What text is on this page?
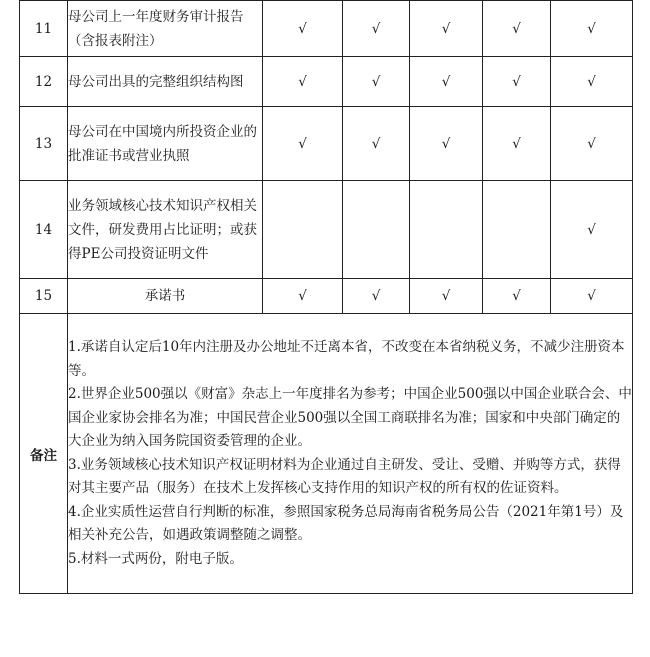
11	母公司上一年度财务审计报告（含报表附注）	√	√	√	√	√
12	母公司出具的完整组织结构图	√	√	√	√	√
13	母公司在中国境内所投资企业的批准证书或营业执照	√	√	√	√	√
14	业务领域核心技术知识产权相关文件，研发费用占比证明；或获得PE公司投资证明文件					√
15	承诺书	√	√	√	√	√
备注	1.承诺自认定后10年内注册及办公地址不迁离本省，不改变在本省纳税义务，不减少注册资本等。

2.世界企业500强以《财富》杂志上一年度排名为参考；中国企业500强以中国企业联合会、中国企业家协会排名为准；中国民营企业500强以全国工商联排名为准；国家和中央部门确定的大企业为纳入国务院国资委管理的企业。

3.业务领域核心技术知识产权证明材料为企业通过自主研发、受让、受赠、并购等方式，获得对其主要产品（服务）在技术上发挥核心支持作用的知识产权的所有权的佐证资料。

4.企业实质性运营自行判断的标准，参照国家税务总局海南省税务局公告（2021年第1号）及相关补充公告，如遇政策调整随之调整。

5.材料一式两份，附电子版。					
